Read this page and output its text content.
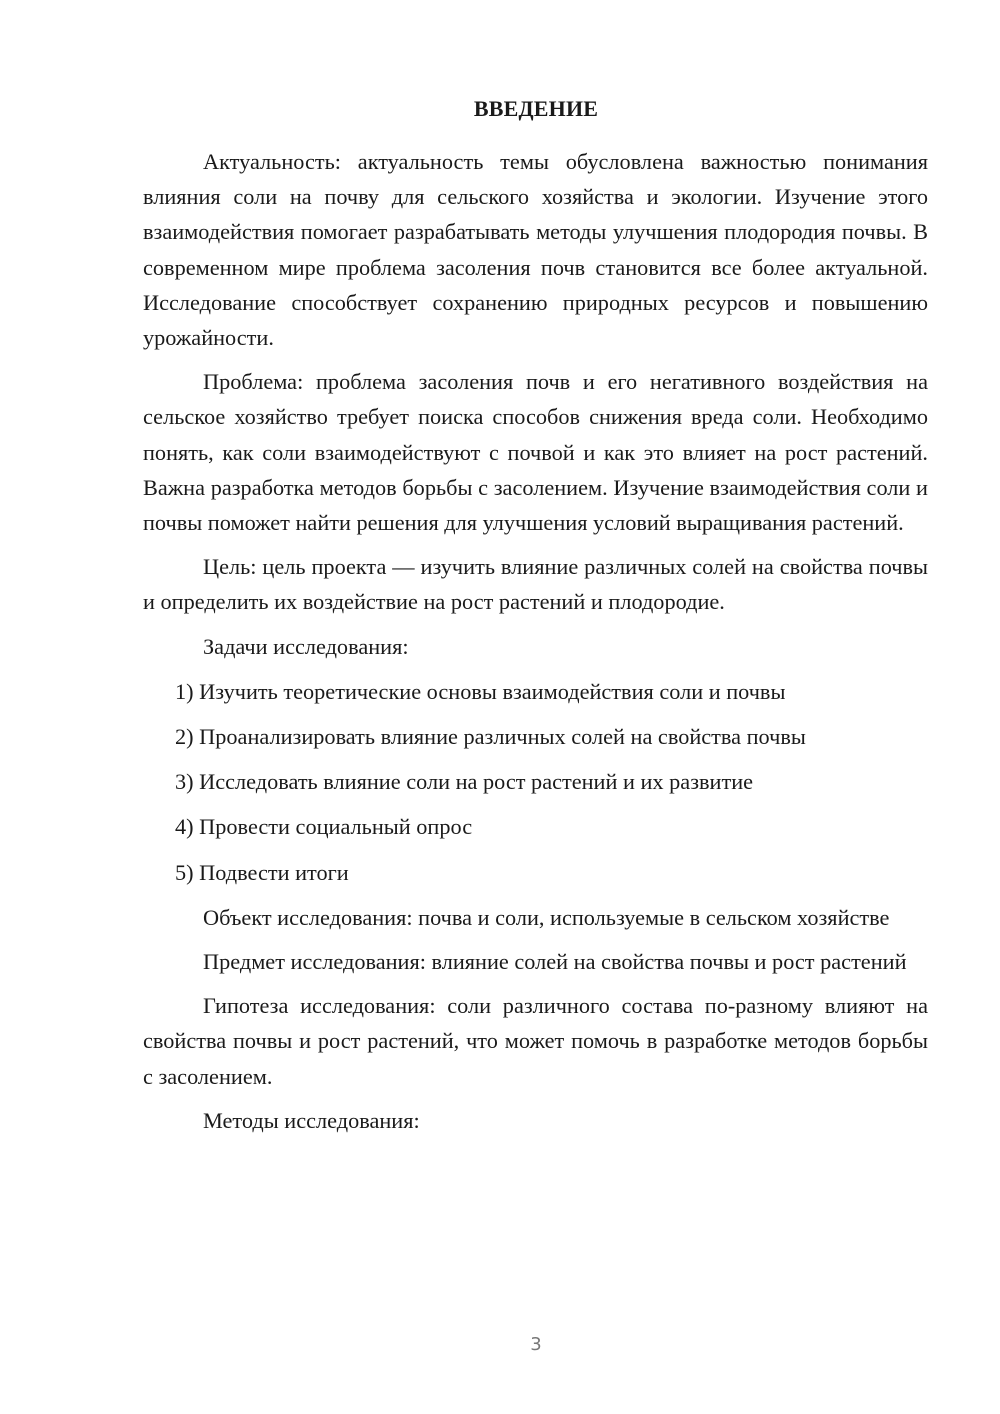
ВВЕДЕНИЕ

Актуальность: актуальность темы обусловлена важностью понимания влияния соли на почву для сельского хозяйства и экологии. Изучение этого взаимодействия помогает разрабатывать методы улучшения плодородия почвы. В современном мире проблема засоления почв становится все более актуальной. Исследование способствует сохранению природных ресурсов и повышению урожайности.

Проблема: проблема засоления почв и его негативного воздействия на сельское хозяйство требует поиска способов снижения вреда соли. Необходимо понять, как соли взаимодействуют с почвой и как это влияет на рост растений. Важна разработка методов борьбы с засолением. Изучение взаимодействия соли и почвы поможет найти решения для улучшения условий выращивания растений.

Цель: цель проекта — изучить влияние различных солей на свойства почвы и определить их воздействие на рост растений и плодородие.

Задачи исследования:

1) Изучить теоретические основы взаимодействия соли и почвы

2) Проанализировать влияние различных солей на свойства почвы

3) Исследовать влияние соли на рост растений и их развитие

4) Провести социальный опрос

5) Подвести итоги

Объект исследования: почва и соли, используемые в сельском хозяйстве

Предмет исследования: влияние солей на свойства почвы и рост растений

Гипотеза исследования: соли различного состава по-разному влияют на свойства почвы и рост растений, что может помочь в разработке методов борьбы с засолением.

Методы исследования:

3
